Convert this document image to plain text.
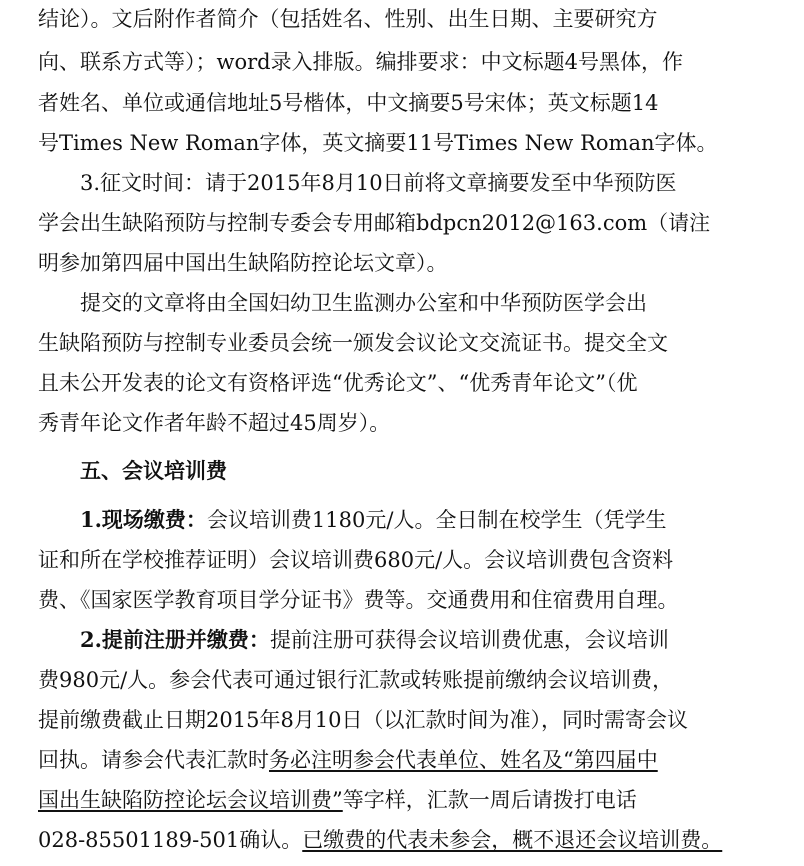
结论）。文后附作者简介（包括姓名、性别、出生日期、主要研究方
向、联系方式等）；word录入排版。编排要求：中文标题4号黑体，作
者姓名、单位或通信地址5号楷体，中文摘要5号宋体；英文标题14
号Times New Roman字体，英文摘要11号Times New Roman字体。
3.征文时间：请于2015年8月10日前将文章摘要发至中华预防医
学会出生缺陷预防与控制专委会专用邮箱bdpcn2012@163.com（请注
明参加第四届中国出生缺陷防控论坛文章）。
提交的文章将由全国妇幼卫生监测办公室和中华预防医学会出
生缺陷预防与控制专业委员会统一颁发会议论文交流证书。提交全文
且未公开发表的论文有资格评选“优秀论文”、“优秀青年论文”（优
秀青年论文作者年龄不超过45周岁）。
五、会议培训费
1.现场缴费：会议培训费1180元/人。全日制在校学生（凭学生
证和所在学校推荐证明）会议培训费680元/人。会议培训费包含资料
费、《国家医学教育项目学分证书》费等。交通费用和住宿费用自理。
2.提前注册并缴费：提前注册可获得会议培训费优惠，会议培训
费980元/人。参会代表可通过银行汇款或转账提前缴纳会议培训费，
提前缴费截止日期2015年8月10日（以汇款时间为准），同时需寄会议
回执。请参会代表汇款时务必注明参会代表单位、姓名及“第四届中
国出生缺陷防控论坛会议培训费”等字样，汇款一周后请拨打电话
028-85501189-501确认。已缴费的代表未参会，概不退还会议培训费。
